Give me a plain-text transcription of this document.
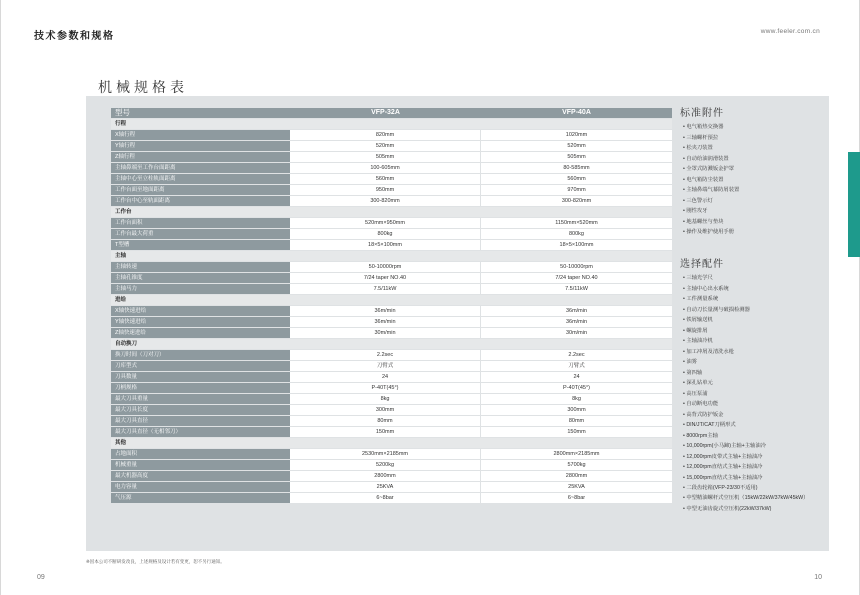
技术参数和规格	www.feeler.com.cn
机械规格表
型号	VFP-32A	VFP-40A
行程		
X轴行程	820mm	1020mm
Y轴行程	520mm	520mm
Z轴行程	505mm	505mm
主轴鼻端至工作台面距离	100-605mm	80-585mm
主轴中心至立柱轨面距离	560mm	560mm
工作台面至地面距离	950mm	970mm
工作台中心至轨面距离	300-820mm	300-820mm
工作台		
工作台面积	520mm×950mm	1150mm×520mm
工作台最大荷重	800kg	800kg
T型槽	18×5×100mm	18×5×100mm
主轴		
主轴转速	50-10000rpm	50-10000rpm
主轴孔锥度	7/24 taper NO.40	7/24 taper NO.40
主轴马力	7.5/11kW	7.5/11kW
进给		
X轴快速进给	36m/min	36m/min
Y轴快速进给	36m/min	36m/min
Z轴快速进给	30m/min	30m/min
自动换刀		
换刀时间（刀对刀）	2.2sec	2.2sec
刀库型式	刀臂式	刀臂式
刀具数量	24	24
刀柄规格	P-40T(45°)	P-40T(45°)
最大刀具重量	8kg	8kg
最大刀具长度	300mm	300mm
最大刀具直径	80mm	80mm
最大刀具直径（无相邻刀）	150mm	150mm
其他		
占地面积	2530mm×2185mm	2800mm×2185mm
机械重量	5200kg	5700kg
最大机器高度	2800mm	2800mm
电力容量	25KVA	25KVA
气压源	6~8bar	6~8bar
标准附件
• 电气箱热交换器
• 三轴螺杆预拉
• 松夹刀装置
• 自动给油润滑装置
• 全罩式防溅钣金护罩
• 电气箱防尘装置
• 主轴鼻端气幕防屑装置
• 三色警示灯
• 刚性攻牙
• 地基螺丝与垫块
• 操作及维护使用手册
选择配件
• 三轴光学尺
• 主轴中心出水系统
• 工件测量系统
• 自动刀长量测与破损检测器
• 铁屑输送机
• 螺旋排屑
• 主轴油冷机
• 加工冲屑及清洗水枪
• 油雾
• 第四轴
• 深孔钻单元
• 高压泵浦
• 自动断电功能
• 高背式防护钣金
• DIN/JT/CAT刀柄形式
• 8000rpm主轴
• 10,000rpm(小马蹄)主轴+主轴油冷
• 12,000rpm皮带式主轴+主轴油冷
• 12,000rpm直结式主轴+主轴油冷
• 15,000rpm直结式主轴+主轴油冷
• 二段齿轮箱(VFP-23/30不适用)
• 中型精油螺杆式空压机（15kW/22kW/37kW/45kW）
• 中型无油齿旋式空压机(22kW/37kW)
※因本公司不断研发改良，上述规格及设计若有变更，恕不另行通知。
09	10
